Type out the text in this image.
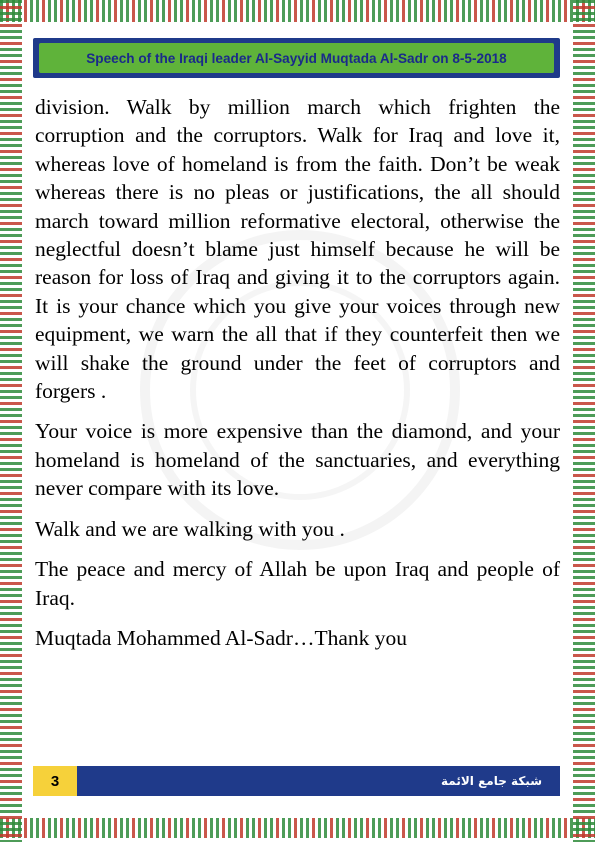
Speech of the Iraqi leader Al-Sayyid Muqtada Al-Sadr on 8-5-2018

division. Walk by million march which frighten the corruption and the corruptors. Walk for Iraq and love it, whereas love of homeland is from the faith. Don’t be weak whereas there is no pleas or justifications, the all should march toward million reformative electoral, otherwise the neglectful doesn’t blame just himself because he will be reason for loss of Iraq and giving it to the corruptors again. It is your chance which you give your voices through new equipment, we warn the all that if they counterfeit then we will shake the ground under the feet of corruptors and forgers .

Your voice is more expensive than the diamond, and your homeland is homeland of the sanctuaries, and everything never compare with its love.

Walk and we are walking with you .

The peace and mercy of Allah be upon Iraq and people of Iraq.

Muqtada Mohammed Al-Sadr…Thank you

3	شبكة جامع الائمة
